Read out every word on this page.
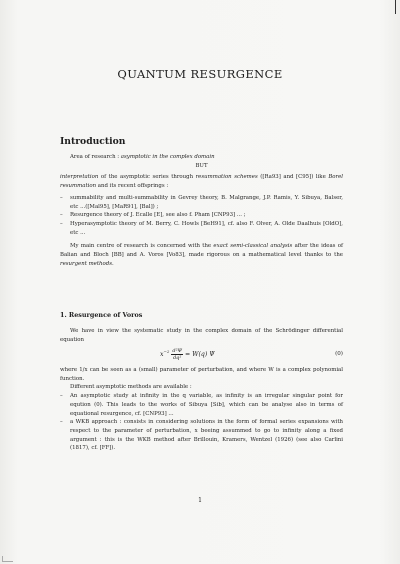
QUANTUM RESURGENCE
Introduction
Area of research : asymptotic in the complex domain
BUT
interpretation of the asymptotic series through resummation schemes ([Ra93] and [C95]) like Borel resummation and its recent offsprings :
– summability and multi-summability in Gevrey theory, B. Malgrange, J.P. Ramis, Y. Sibuya, Balser, etc ...([Mal95], [MaR91], [Bal]) ;
– Resurgence theory of J. Ecalle [E], see also f. Pham [CNP93] ... ;
– Hyperasymptotic theory of M. Berry, C. Howls [BeH91], cf. also F. Olver, A. Olde Daalhuis [OldO], etc ...
My main centre of research is concerned with the exact semi-classical analysis after the ideas of Balian and Bloch [BB] and A. Voros [Vo83], made rigorous on a mathematical level thanks to the resurgent methods.
1. Resurgence of Voros
We have in view the systematic study in the complex domain of the Schrödinger differential equation
$x^{-2} \frac{\text{d²Ψ}}{\text{dq²}} = W(q)$ Ψ	(0)
where 1/x can be seen as a (small) parameter of perturbation, and where W is a complex polynomial function.
Different asymptotic methods are available :
– An asymptotic study at infinity in the q variable, as infinity is an irregular singular point for eqution (0). This leads to the works of Sibuya [Sib], which can be analyse also in terms of equational resurgence, cf. [CNP93] ...
– a WKB approach : consists in considering solutions in the form of formal series expansions with respect to the parameter of perturbation, x beeing assummed to go to infinity along a fixed argument : this is the WKB method after Brillouin, Kramers, Wentzel (1926) (see also Carlini (1817), cf. [FF]).
1
